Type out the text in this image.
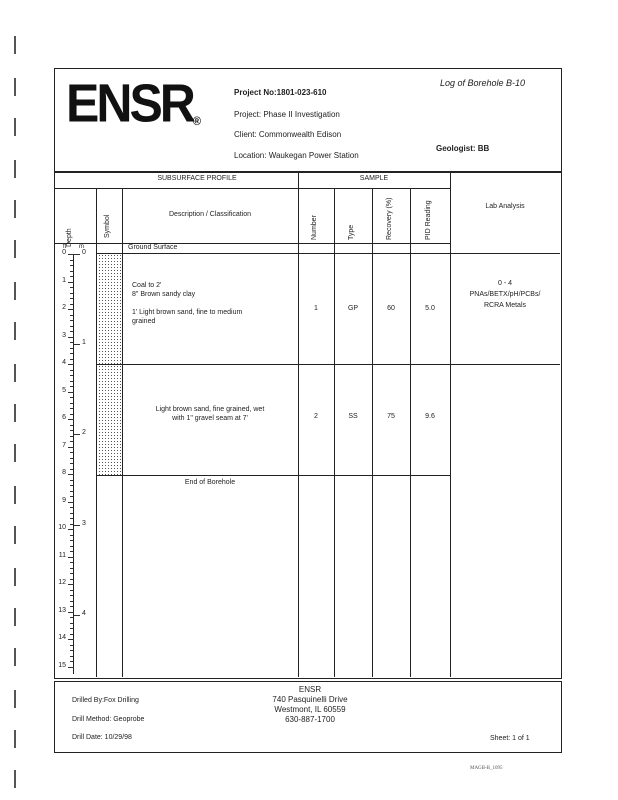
ENSR®
Log of Borehole B-10
Project No:1801-023-610
Project: Phase II Investigation
Client: Commonwealth Edison
Geologist: BB
Location: Waukegan Power Station
SUBSURFACE PROFILE	SAMPLE
Description / Classification
Lab Analysis
Depth	Symbol	Number	Type	Recovery (%)	PID Reading
ft m	Ground Surface
0
1
2
3
4
5
6
7
8
9
10
11
12
13
14
15
0
1
2
3
4
Coal to 2'
8" Brown sandy clay
1' Light brown sand, fine to medium
grained
1	GP	60	5.0
0 - 4
PNAs/BETX/pH/PCBs/
RCRA Metals
Light brown sand, fine grained, wet
with 1" gravel seam at 7'	2	SS	75	9.6
End of Borehole
Drilled By:Fox Drilling
Drill Method: Geoprobe
Drill Date: 10/29/98
ENSR
740 Pasquinelli Drive
Westmont, IL 60559
630-887-1700
Sheet: 1 of 1
MAGB-B_1095
